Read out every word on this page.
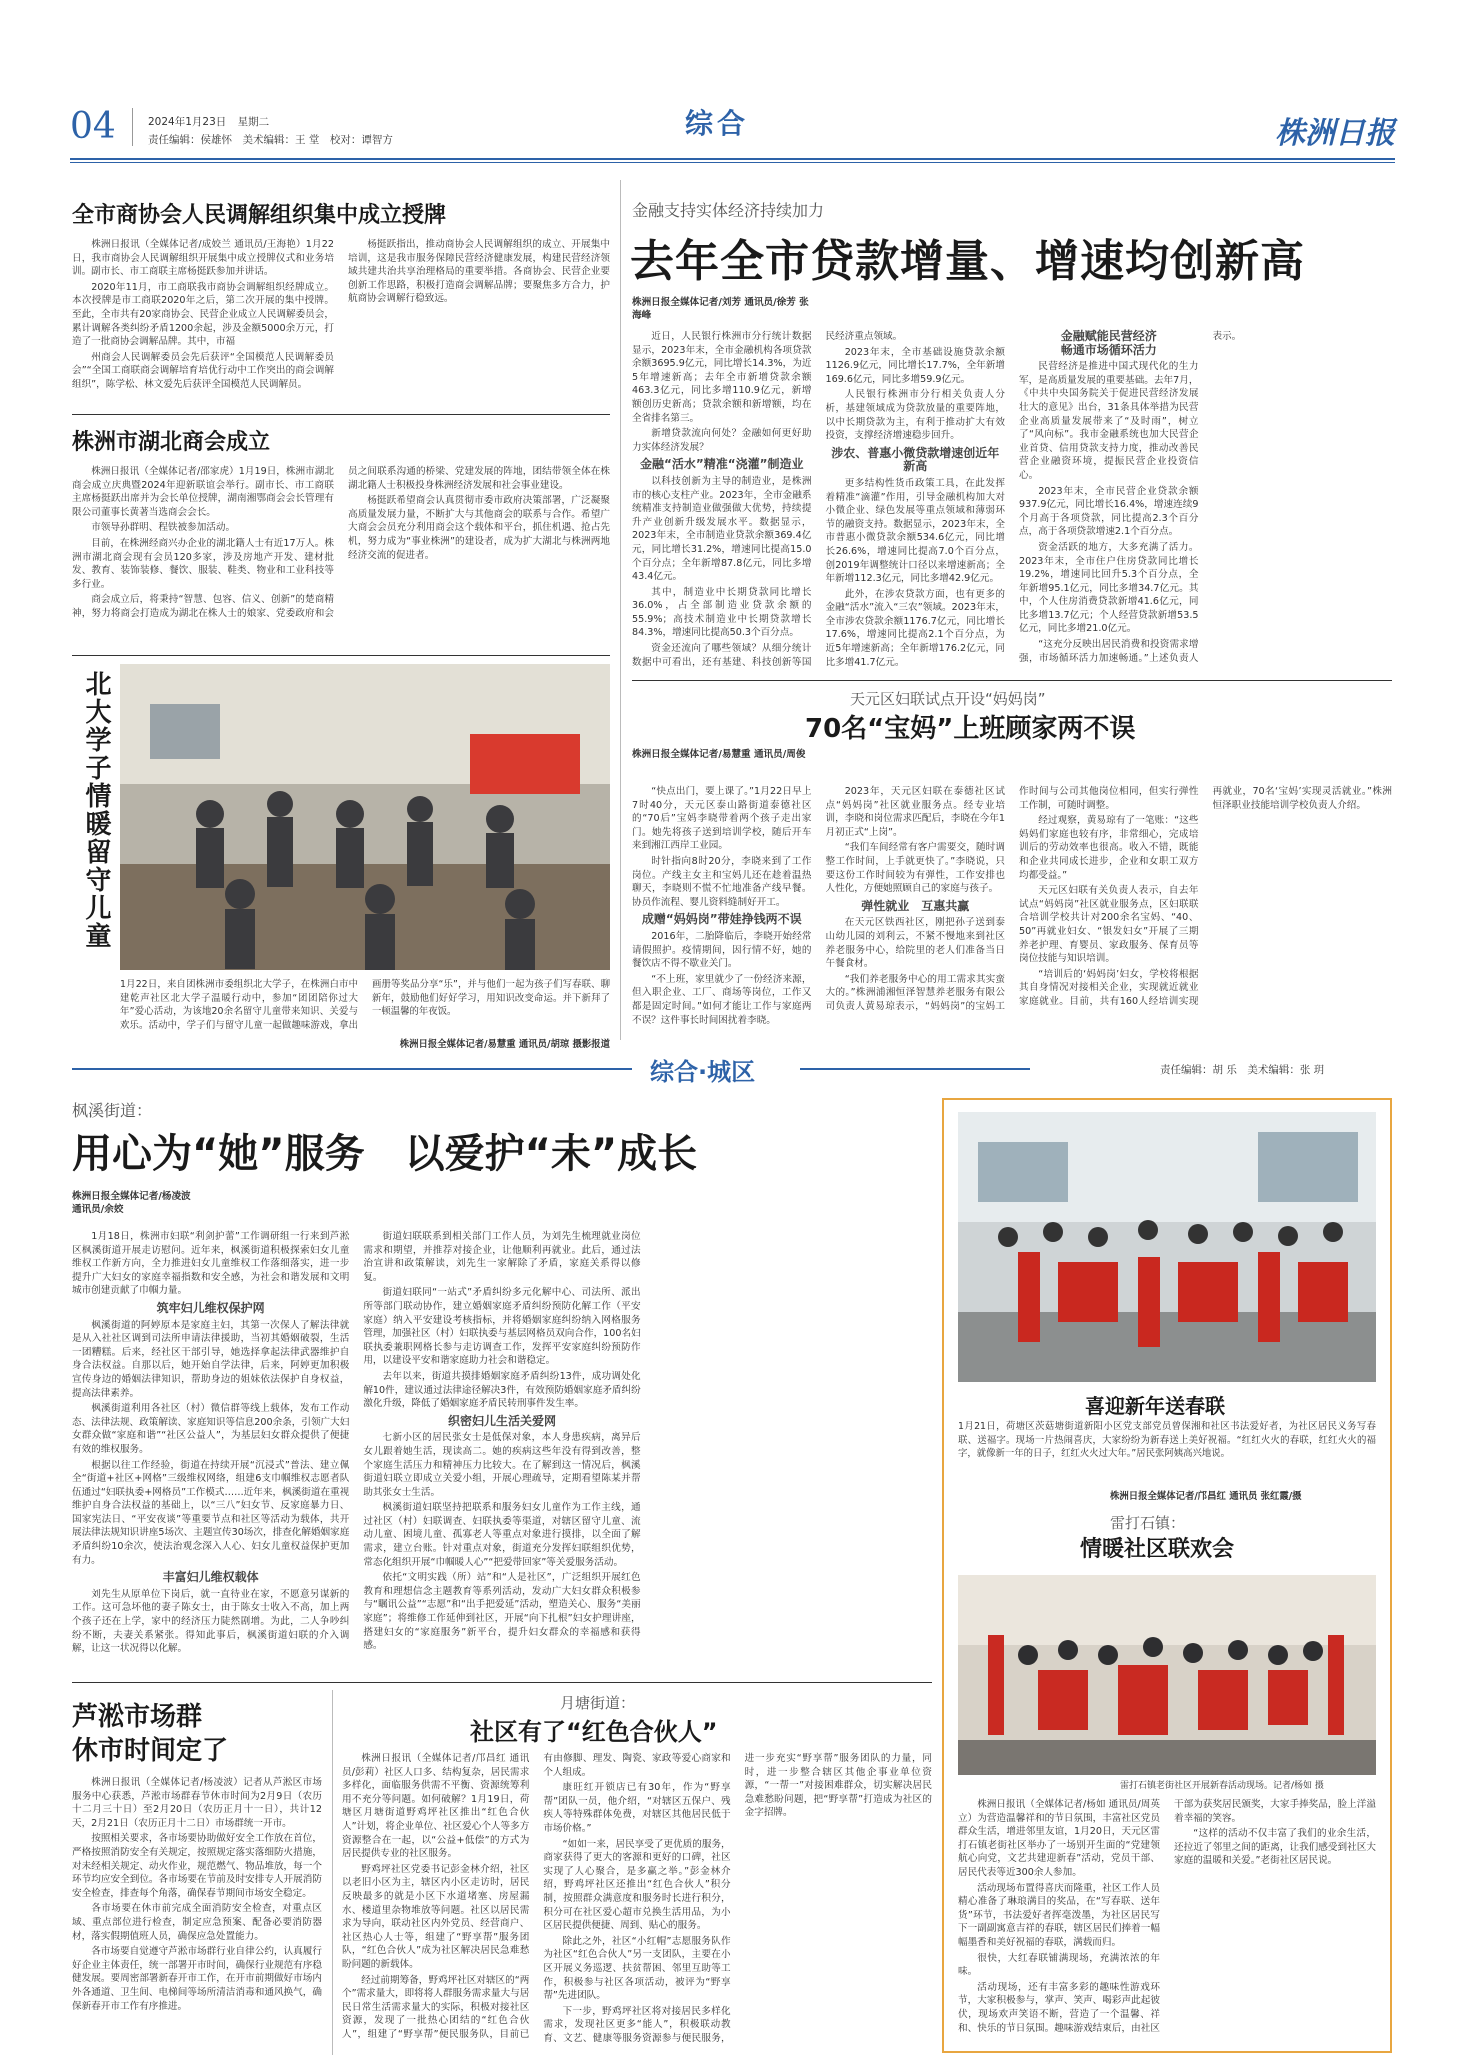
04	2024年1月23日 星期二
责任编辑：侯雄怀　美术编辑：王 堂　校对：谭智方	综合	株洲日报
全市商协会人民调解组织集中成立授牌

株洲日报讯（全媒体记者/成姣兰 通讯员/王海艳）1月22日，我市商协会人民调解组织开展集中成立授牌仪式和业务培训。副市长、市工商联主席杨挺跃参加并讲话。

2020年11月，市工商联我市商协会调解组织经牌成立。本次授牌是市工商联2020年之后，第二次开展的集中授牌。至此，全市共有20家商协会、民营企业成立人民调解委员会，累计调解各类纠纷矛盾1200余起，涉及金额5000余万元，打造了一批商协会调解品牌。其中，市福

州商会人民调解委员会先后获评“全国模范人民调解委员会”“全国工商联商会调解培育培优行动中工作突出的商会调解组织”，陈学松、林文爱先后获评全国模范人民调解员。

杨挺跃指出，推动商协会人民调解组织的成立、开展集中培训，这是我市服务保障民营经济健康发展，构建民营经济领域共建共治共享治理格局的重要举措。各商协会、民营企业要创新工作思路，积极打造商会调解品牌；要聚焦多方合力，护航商协会调解行稳致远。

株洲市湖北商会成立

株洲日报讯（全媒体记者/邵家虎）1月19日，株洲市湖北商会成立庆典暨2024年迎新联谊会举行。副市长、市工商联主席杨挺跃出席并为会长单位授牌，湖南湘鄂商会会长管理有限公司董事长黄著当选商会会长。

市领导孙群明、程铁被参加活动。

目前，在株洲经商兴办企业的湖北籍人士有近17万人。株洲市湖北商会现有会员120多家，涉及房地产开发、建材批发、教育、装饰装修、餐饮、服装、鞋类、物业和工业科技等多行业。

商会成立后，将秉持“智慧、包容、信义、创新”的楚商精神，努力将商会打造成为湖北在株人士的娘家、党委政府和会员之间联系沟通的桥梁、党建发展的阵地，团结带领全体在株湖北籍人士积极投身株洲经济发展和社会事业建设。

杨挺跃希望商会认真贯彻市委市政府决策部署，广泛凝聚高质量发展力量，不断扩大与其他商会的联系与合作。希望广大商会会员充分利用商会这个载体和平台，抓住机遇、抢占先机，努力成为“事业株洲”的建设者，成为扩大湖北与株洲两地经济交流的促进者。

北大学子情暖留守儿童
1月22日，来自团株洲市委组织北大学子，在株洲白市中建乾声社区北大学子温暖行动中，参加“团团陪你过大年”爱心活动，为该地20余名留守儿童带来知识、关爱与欢乐。活动中，学子们与留守儿童一起做趣味游戏，拿出画册等奖品分享“乐”，并与他们一起为孩子们写春联、聊新年，鼓励他们好好学习，用知识改变命运。并下新拜了一顿温馨的年夜饭。
株洲日报全媒体记者/易慧重 通讯员/胡琼 摄影报道
金融支持实体经济持续加力
去年全市贷款增量、增速均创新高
株洲日报全媒体记者/刘芳 通讯员/徐芳 张海峰

近日，人民银行株洲市分行统计数据显示，2023年末，全市金融机构各项贷款余额3695.9亿元，同比增长14.3%，为近5年增速新高；去年全市新增贷款余额463.3亿元，同比多增110.9亿元，新增额创历史新高；贷款余额和新增额，均在全省排名第三。

新增贷款流向何处？金融如何更好助力实体经济发展？

金融“活水”精准“浇灌”制造业

以科技创新为主导的制造业，是株洲市的核心支柱产业。2023年，全市金融系统精准支持制造业做强做大优势，持续提升产业创新升级发展水平。数据显示，2023年末，全市制造业贷款余额369.4亿元，同比增长31.2%，增速同比提高15.0个百分点；全年新增87.8亿元，同比多增43.4亿元。

其中，制造业中长期贷款同比增长36.0%，占全部制造业贷款余额的55.9%；高技术制造业中长期贷款增长84.3%，增速同比提高50.3个百分点。

资金还流向了哪些领域？从细分统计数据中可看出，还有基建、科技创新等国民经济重点领域。

2023年末，全市基础设施贷款余额1126.9亿元，同比增长17.7%，全年新增169.6亿元，同比多增59.9亿元。

人民银行株洲市分行相关负责人分析，基建领域成为贷款放量的重要阵地，以中长期贷款为主，有利于推动扩大有效投资，支撑经济增速稳步回升。

涉农、普惠小微贷款增速创近年新高

更多结构性货币政策工具，在此发挥着精准“滴灌”作用，引导金融机构加大对小微企业、绿色发展等重点领域和薄弱环节的融资支持。数据显示，2023年末，全市普惠小微贷款余额534.6亿元，同比增长26.6%，增速同比提高7.0个百分点，创2019年调整统计口径以来增速新高；全年新增112.3亿元，同比多增42.9亿元。

此外，在涉农贷款方面，也有更多的金融“活水”流入“三农”领域。2023年末，全市涉农贷款余额1176.7亿元，同比增长17.6%，增速同比提高2.1个百分点，为近5年增速新高；全年新增176.2亿元，同比多增41.7亿元。

金融赋能民营经济
畅通市场循环活力

民营经济是推进中国式现代化的生力军，是高质量发展的重要基础。去年7月，《中共中央国务院关于促进民营经济发展壮大的意见》出台，31条具体举措为民营企业高质量发展带来了“及时雨”，树立了“风向标”。我市金融系统也加大民营企业首贷、信用贷款支持力度，推动改善民营企业融资环境，提振民营企业投资信心。

2023年末，全市民营企业贷款余额937.9亿元，同比增长16.4%，增速连续9个月高于各项贷款，同比提高2.3个百分点，高于各项贷款增速2.1个百分点。

资金活跃的地方，大多充满了活力。2023年末，全市住户住房贷款同比增长19.2%，增速同比回升5.3个百分点，全年新增95.1亿元，同比多增34.7亿元。其中，个人住房消费贷款新增41.6亿元，同比多增13.7亿元；个人经营贷款新增53.5亿元，同比多增21.0亿元。

“这充分反映出居民消费和投资需求增强，市场循环活力加速畅通。”上述负责人表示。

天元区妇联试点开设“妈妈岗”
70名“宝妈”上班顾家两不误
株洲日报全媒体记者/易慧重 通讯员/周俊

“快点出门，要上课了。”1月22日早上7时40分，天元区泰山路街道泰德社区的“70后”宝妈李晓带着两个孩子走出家门。她先将孩子送到培训学校，随后开车来到湘江西岸工业园。

时针指向8时20分，李晓来到了工作岗位。产线主女主和宝妈儿还在趁着温热聊天，李晓则不慌不忙地准备产线早餐。协员作流程、婴儿资料缝制好开工。

成赠“妈妈岗”带娃挣钱两不误

2016年，二胎降临后，李晓开始经常请假照护。疫情期间，因行情不好，她的餐饮店不得不歇业关门。

“不上班，家里就少了一份经济来源，但入职企业、工厂、商场等岗位，工作又都是固定时间。”如何才能让工作与家庭两不误？这件事长时间困扰着李晓。

2023年，天元区妇联在泰德社区试点“妈妈岗”社区就业服务点。经专业培训，李晓和岗位需求匹配后，李晓在今年1月初正式“上岗”。

“我们车间经常有客户需要交，随时调整工作时间，上手就更快了。”李晓说，只要这份工作时间较为有弹性，工作安排也人性化，方便她照顾自己的家庭与孩子。

弹性就业　互惠共赢

在天元区铁西社区，刚把孙子送到泰山幼儿园的刘利云，不紧不慢地来到社区养老服务中心，给院里的老人们准备当日午餐食材。

“我们养老服务中心的用工需求其实蛮大的。”株洲浦湘恒泽智慧养老服务有限公司负责人黄易琼表示，“妈妈岗”的宝妈工作时间与公司其他岗位相同，但实行弹性工作制，可随时调整。

经过观察，黄易琼有了一笔账：“这些妈妈们家庭也较有序，非常细心，完成培训后的劳动效率也很高。收入不错，既能和企业共同成长进步，企业和女职工双方均都受益。”

天元区妇联有关负责人表示，自去年试点“妈妈岗”社区就业服务点，区妇联联合培训学校共计对200余名宝妈、“40、50”再就业妇女、“银发妇女”开展了三期养老护理、育婴员、家政服务、保育员等岗位技能与知识培训。

“培训后的‘妈妈岗’妇女，学校将根据其自身情况对接相关企业，实现就近就业家庭就业。目前，共有160人经培训实现再就业，70名‘宝妈’实现灵活就业。”株洲恒泽职业技能培训学校负责人介绍。

综合·城区	责任编辑：胡 乐　美术编辑：张 玥
枫溪街道：
用心为“她”服务　以爱护“未”成长
株洲日报全媒体记者/杨凌波
通讯员/余姣

1月18日，株洲市妇联“利剑护蕾”工作调研组一行来到芦淞区枫溪街道开展走访慰问。近年来，枫溪街道积极探索妇女儿童维权工作新方向，全力推进妇女儿童维权工作落细落实，进一步提升广大妇女的家庭幸福指数和安全感，为社会和谐发展和文明城市创建贡献了巾帼力量。

筑牢妇儿维权保护网

枫溪街道的阿婷原本是家庭主妇，其第一次保人了解法律就是从入社社区调到司法所申请法律援助，当初其婚姻破裂，生活一团糟糕。后来，经社区干部引导，她选择拿起法律武器维护自身合法权益。自那以后，她开始自学法律，后来，阿婷更加积极宣传身边的婚姻法律知识，帮助身边的姐妹依法保护自身权益，提高法律素养。

枫溪街道利用各社区（村）微信群等线上载体，发布工作动态、法律法规、政策解读、家庭知识等信息200余条，引领广大妇女群众做“家庭和谐”“社区公益人”，为基层妇女群众提供了便捷有效的维权服务。

根据以往工作经验，街道在持续开展“沉浸式”普法、建立佩全“街道+社区+网格”三级维权网络，组建6支巾帼维权志愿者队伍通过“妇联执委+网格员”工作模式……近年来，枫溪街道在重视维护自身合法权益的基础上，以“三八”妇女节、反家庭暴力日、国家宪法日、“平安夜谈”等重要节点和社区等活动为载体，共开展法律法规知识讲座5场次、主题宣传30场次，排查化解婚姻家庭矛盾纠纷10余次，使法治观念深入人心、妇女儿童权益保护更加有力。

丰富妇儿维权载体

刘先生从原单位下岗后，就一直待业在家，不愿意另谋新的工作。这可急坏他的妻子陈女士，由于陈女士收入不高，加上两个孩子还在上学，家中的经济压力陡然剧增。为此，二人争吵纠纷不断，夫妻关系紧张。得知此事后，枫溪街道妇联的介入调解，让这一状况得以化解。

街道妇联联系到相关部门工作人员，为刘先生梳理就业岗位需求和期望，并推荐对接企业，让他顺利再就业。此后，通过法治宣讲和政策解读，刘先生一家解除了矛盾，家庭关系得以修复。

街道妇联同“一站式”矛盾纠纷多元化解中心、司法所、派出所等部门联动协作，建立婚姻家庭矛盾纠纷预防化解工作（平安家庭）纳入平安建设考核指标，并将婚姻家庭纠纷纳入网格服务管理，加强社区（村）妇联执委与基层网格员双向合作，100名妇联执委兼职网格长参与走访调查工作，发挥平安家庭纠纷预防作用，以建设平安和谐家庭助力社会和谐稳定。

去年以来，街道共摸排婚姻家庭矛盾纠纷13件，成功调处化解10件，建议通过法律途径解决3件，有效预防婚姻家庭矛盾纠纷激化升级，降低了婚姻家庭矛盾民转刑事件发生率。

织密妇儿生活关爱网

七新小区的居民张女士是低保对象，本人身患疾病，离异后女儿跟着她生活，现读高二。她的疾病这些年没有得到改善，整个家庭生活压力和精神压力比较大。在了解到这一情况后，枫溪街道妇联立即成立关爱小组，开展心理疏导，定期看望陈某并帮助其张女士生活。

枫溪街道妇联坚持把联系和服务妇女儿童作为工作主线，通过社区（村）妇联调查、妇联执委等渠道，对辖区留守儿童、流动儿童、困境儿童、孤寡老人等重点对象进行摸排，以全面了解需求，建立台账。针对重点对象，街道充分发挥妇联组织优势，常态化组织开展“巾帼暖人心”“把爱带回家”等关爱服务活动。

依托“文明实践（所）站”和“人是社区”，广泛组织开展红色教育和理想信念主题教育等系列活动，发动广大妇女群众积极参与“瞩讯公益”“志愿”和“出手把爱延”活动，塑造关心、服务“美丽家庭”；将维修工作延伸到社区，开展“向下扎根”妇女护理讲座，搭建妇女的“家庭服务”新平台，提升妇女群众的幸福感和获得感。

芦淞市场群
休市时间定了

株洲日报讯（全媒体记者/杨凌波）记者从芦淞区市场服务中心获悉，芦淞市场群春节休市时间为2月9日（农历十二月三十日）至2月20日（农历正月十一日），共计12天，2月21日（农历正月十二日）市场群统一开市。

按照相关要求，各市场要协助做好安全工作放在首位，严格按照消防安全有关规定，按照规定落实落细防火措施，对未经相关规定、动火作业，规范燃气、物品堆放，每一个环节均应安全到位。各市场要在节前及时安排专人开展消防安全检查，排查每个角落，确保春节期间市场安全稳定。

各市场要在休市前完成全面消防安全检查，对重点区域、重点部位进行检查，制定应急预案、配备必要消防器材，落实假期值班人员，确保应急处置能力。

各市场要自觉遵守芦淞市场群行业自律公约，认真履行好企业主体责任，统一部署开市时间，确保行业规范有序稳健发展。要周密部署新春开市工作，在开市前期做好市场内外各通道、卫生间、电梯间等场所清洁消毒和通风换气，确保新春开市工作有序推进。

月塘街道：
社区有了“红色合伙人”

株洲日报讯（全媒体记者/邝昌红 通讯员/彭莉）社区人口多、结构复杂，居民需求多样化，面临服务供需不平衡、资源统筹利用不充分等问题。如何破解？1月19日，荷塘区月塘街道野鸡坪社区推出“红色合伙人”计划，将企业单位、社区爱心个人等多方资源整合在一起，以“公益+低偿”的方式为居民提供专业的社区服务。

野鸡坪社区党委书记彭金林介绍，社区以老旧小区为主，辖区内小区走访时，居民反映最多的就是小区下水道堵塞、房屋漏水、楼道里杂物堆放等问题。社区以居民需求为导向，联动社区内外党员、经营商户、社区热心人士等，组建了“野享帮”服务团队，“红色合伙人”成为社区解决居民急难愁盼问题的新载体。

经过前期筹备，野鸡坪社区对辖区的“两个”需求量大，即将将人群服务需求量大与居民日常生活需求量大的实际，积极对接社区资源，发现了一批热心团结的“红色合伙人”，组建了“野享帮”便民服务队，目前已有由修脚、理发、陶瓷、家政等爱心商家和个人组成。

康旺红开锁店已有30年，作为“野享帮”团队一员，他介绍，“对辖区五保户、残疾人等特殊群体免费，对辖区其他居民低于市场价格。”

“如如一来，居民享受了更优质的服务，商家获得了更大的客源和更好的口碑，社区实现了人心聚合，是多赢之举。”彭金林介绍，野鸡坪社区还推出“红色合伙人”积分制，按照群众满意度和服务时长进行积分，积分可在社区爱心超市兑换生活用品，为小区居民提供便捷、周到、贴心的服务。

除此之外，社区“小红帽”志愿服务队作为社区“红色合伙人”另一支团队，主要在小区开展义务巡逻、扶贫帮困、邻里互助等工作，积极参与社区各项活动，被评为“野享帮”先进团队。

下一步，野鸡坪社区将对接居民多样化需求，发现社区更多“能人”，积极联动教育、文艺、健康等服务资源参与便民服务，进一步充实“野享帮”服务团队的力量，同时，进一步整合辖区其他企事业单位资源，“一帮一”对接困难群众，切实解决居民急难愁盼问题，把“野享帮”打造成为社区的金字招牌。

喜迎新年送春联
1月21日，荷塘区茨菇塘街道新阳小区党支部党员曾保湘和社区书法爱好者，为社区居民义务写春联、送福字。现场一片热闹喜庆，大家纷纷为新春送上美好祝福。“红红火火的春联，红红火火的福字，就像新一年的日子，红红火火过大年。”居民张阿姨高兴地说。
株洲日报全媒体记者/邝昌红 通讯员 张红霞/摄
雷打石镇：
情暖社区联欢会
雷打石镇老街社区开展新春活动现场。记者/杨如 摄

株洲日报讯（全媒体记者/杨如 通讯员/周英立）为营造温馨祥和的节日氛围，丰富社区党员群众生活，增进邻里友谊，1月20日，天元区雷打石镇老街社区举办了一场别开生面的“党建领航心向党，文艺共建迎新春”活动，党员干部、居民代表等近300余人参加。

活动现场布置得喜庆而隆重，社区工作人员精心准备了琳琅满目的奖品，在“写春联、送年货”环节，书法爱好者挥毫泼墨，为社区居民写下一副副寓意吉祥的春联，辖区居民们捧着一幅幅墨香和美好祝福的春联，满载而归。

很快，大红春联铺满现场，充满浓浓的年味。

活动现场，还有丰富多彩的趣味性游戏环节，大家积极参与，掌声、笑声、喝彩声此起彼伏，现场欢声笑语不断，营造了一个温馨、祥和、快乐的节日氛围。趣味游戏结束后，由社区干部为获奖居民颁奖，大家手捧奖品，脸上洋溢着幸福的笑容。

“这样的活动不仅丰富了我们的业余生活，还拉近了邻里之间的距离，让我们感受到社区大家庭的温暖和关爱。”老街社区居民说。
